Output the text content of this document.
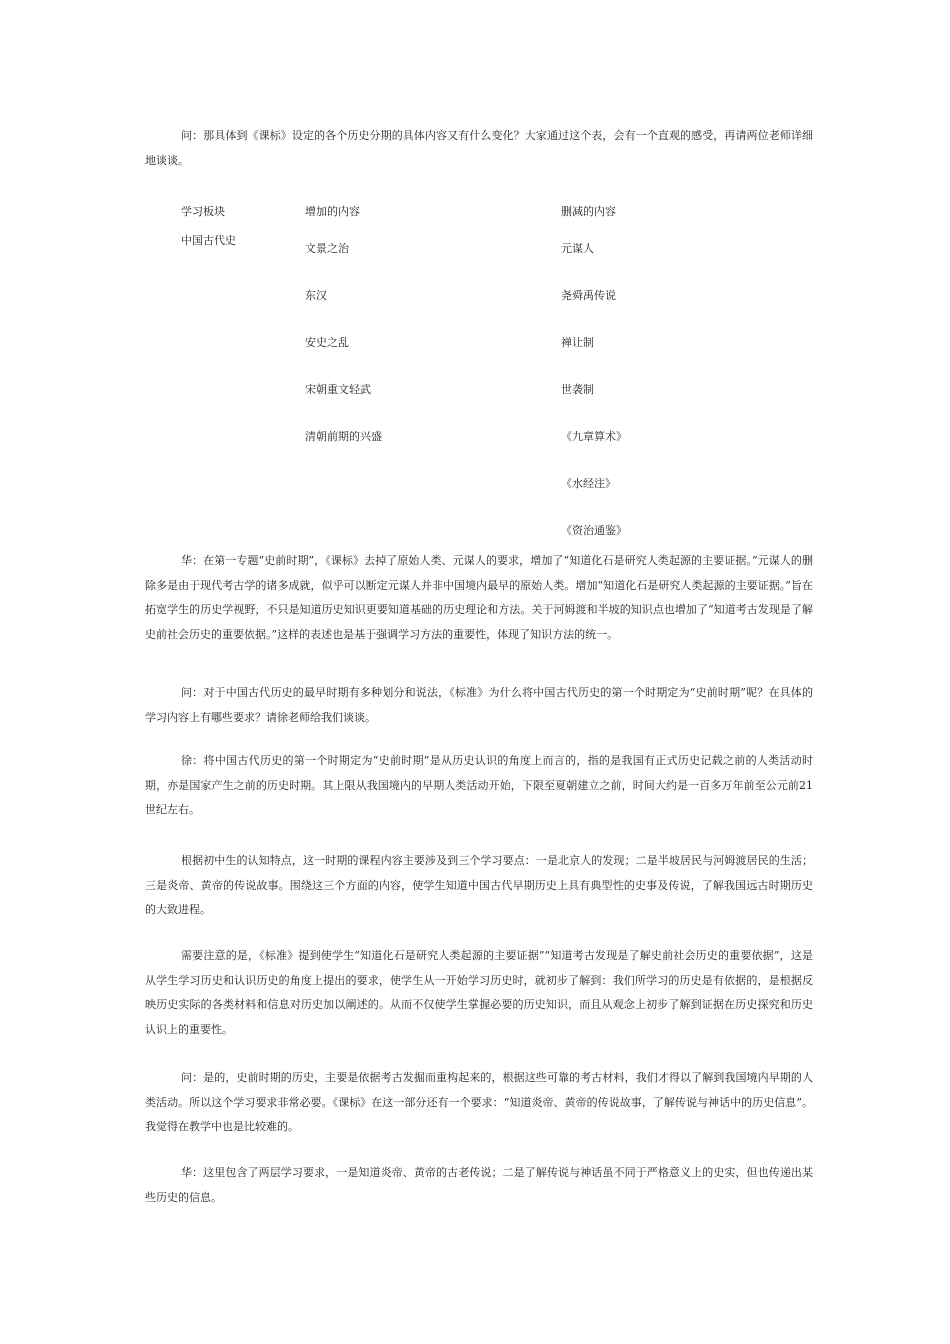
问：那具体到《课标》设定的各个历史分期的具体内容又有什么变化？大家通过这个表，会有一个直观的感受，再请两位老师详细地谈谈。

学习板块	增加的内容	删减的内容
中国古代史
文景之治
东汉
安史之乱
宋朝重文轻武
清朝前期的兴盛
元谋人
尧舜禹传说
禅让制
世袭制
《九章算术》
《水经注》
《资治通鉴》

华：在第一专题“史前时期”，《课标》去掉了原始人类、元谋人的要求，增加了“知道化石是研究人类起源的主要证据。”元谋人的删除多是由于现代考古学的诸多成就，似乎可以断定元谋人并非中国境内最早的原始人类。增加“知道化石是研究人类起源的主要证据。”旨在拓宽学生的历史学视野，不只是知道历史知识更要知道基础的历史理论和方法。关于河姆渡和半坡的知识点也增加了“知道考古发现是了解史前社会历史的重要依据。”这样的表述也是基于强调学习方法的重要性，体现了知识方法的统一。

问：对于中国古代历史的最早时期有多种划分和说法，《标准》为什么将中国古代历史的第一个时期定为“史前时期”呢？在具体的学习内容上有哪些要求？请徐老师给我们谈谈。

徐：将中国古代历史的第一个时期定为“史前时期”是从历史认识的角度上而言的，指的是我国有正式历史记载之前的人类活动时期，亦是国家产生之前的历史时期。其上限从我国境内的早期人类活动开始，下限至夏朝建立之前，时间大约是一百多万年前至公元前21世纪左右。

根据初中生的认知特点，这一时期的课程内容主要涉及到三个学习要点：一是北京人的发现；二是半坡居民与河姆渡居民的生活；三是炎帝、黄帝的传说故事。围绕这三个方面的内容，使学生知道中国古代早期历史上具有典型性的史事及传说，了解我国远古时期历史的大致进程。

需要注意的是，《标准》提到使学生“知道化石是研究人类起源的主要证据”“知道考古发现是了解史前社会历史的重要依据”，这是从学生学习历史和认识历史的角度上提出的要求，使学生从一开始学习历史时，就初步了解到：我们所学习的历史是有依据的，是根据反映历史实际的各类材料和信息对历史加以阐述的。从而不仅使学生掌握必要的历史知识，而且从观念上初步了解到证据在历史探究和历史认识上的重要性。

问：是的，史前时期的历史，主要是依据考古发掘而重构起来的，根据这些可靠的考古材料，我们才得以了解到我国境内早期的人类活动。所以这个学习要求非常必要。《课标》在这一部分还有一个要求：“知道炎帝、黄帝的传说故事，了解传说与神话中的历史信息”。我觉得在教学中也是比较难的。

华：这里包含了两层学习要求，一是知道炎帝、黄帝的古老传说；二是了解传说与神话虽不同于严格意义上的史实，但也传递出某些历史的信息。
